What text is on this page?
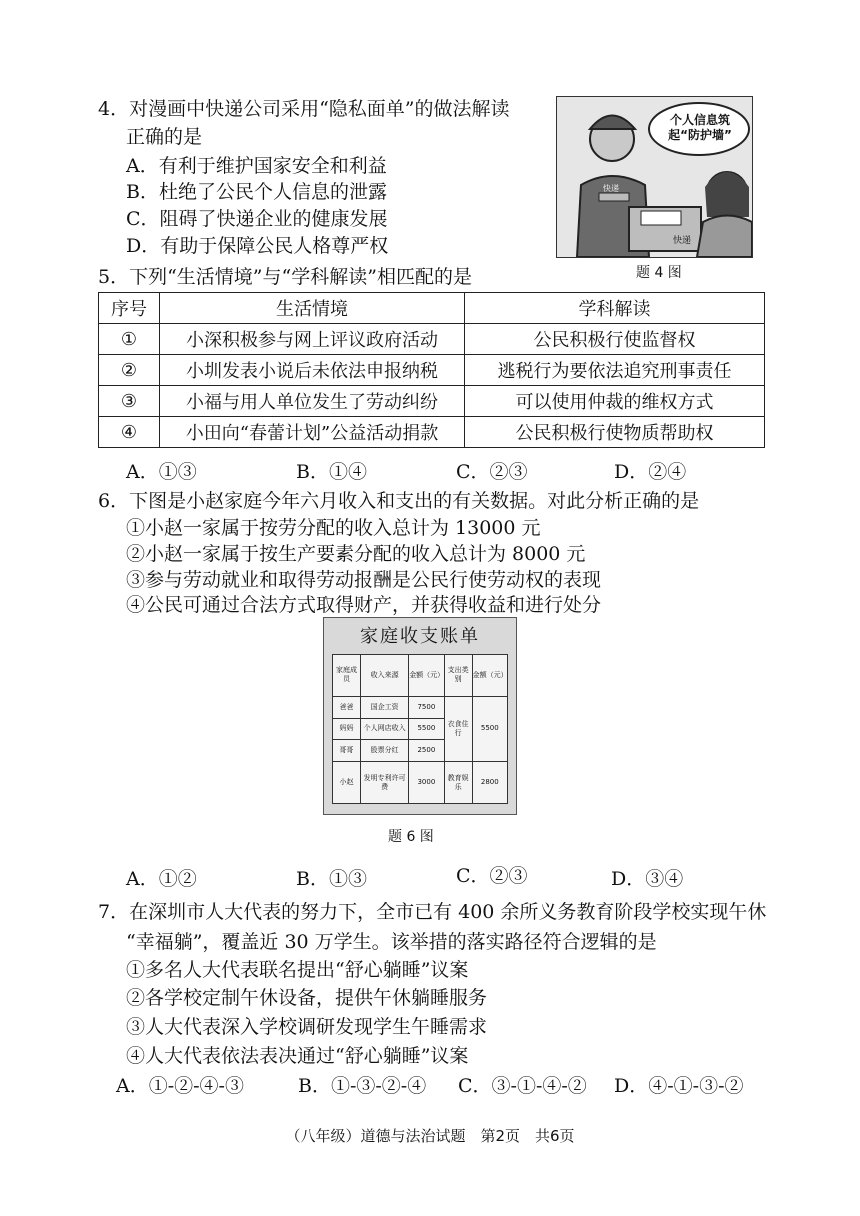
4．对漫画中快递公司采用“隐私面单”的做法解读
正确的是
A．有利于维护国家安全和利益
B．杜绝了公民个人信息的泄露
C．阻碍了快递企业的健康发展
D．有助于保障公民人格尊严权
个人信息筑起“防护墙”
快递
快递
题 4 图
5．下列“生活情境”与“学科解读”相匹配的是
序号	生活情境	学科解读
①	小深积极参与网上评议政府活动	公民积极行使监督权
②	小圳发表小说后未依法申报纳税	逃税行为要依法追究刑事责任
③	小福与用人单位发生了劳动纠纷	可以使用仲裁的维权方式
④	小田向“春蕾计划”公益活动捐款	公民积极行使物质帮助权
A．①③	B．①④	C．②③	D．②④
6．下图是小赵家庭今年六月收入和支出的有关数据。对此分析正确的是
①小赵一家属于按劳分配的收入总计为 13000 元
②小赵一家属于按生产要素分配的收入总计为 8000 元
③参与劳动就业和取得劳动报酬是公民行使劳动权的表现
④公民可通过合法方式取得财产，并获得收益和进行处分
家庭收支账单
家庭成员	收入来源	金额（元）	支出类别	金额（元）
爸爸	国企工资	7500	衣食住行	5500
妈妈	个人网店收入	5500		
哥哥	股票分红	2500		
小赵	发明专利许可费	3000	教育娱乐	2800
题 6 图
A．①②	B．①③	C．②③	D．③④
7．在深圳市人大代表的努力下，全市已有 400 余所义务教育阶段学校实现午休
“幸福躺”，覆盖近 30 万学生。该举措的落实路径符合逻辑的是
①多名人大代表联名提出“舒心躺睡”议案
②各学校定制午休设备，提供午休躺睡服务
③人大代表深入学校调研发现学生午睡需求
④人大代表依法表决通过“舒心躺睡”议案
A．①-②-④-③	B．①-③-②-④ C．③-①-④-② D．④-①-③-②
（八年级）道德与法治试题　第2页　共6页
